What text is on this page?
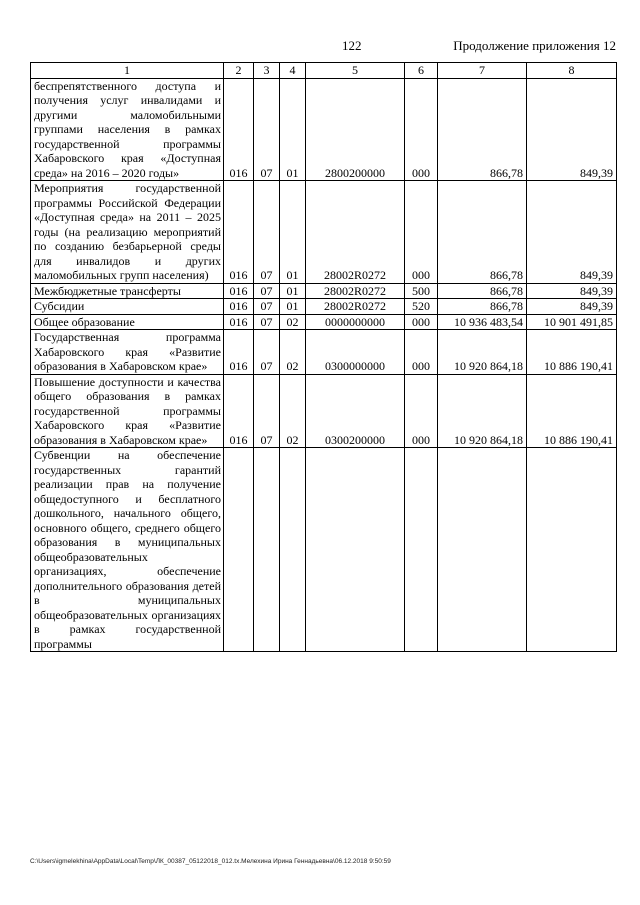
122	Продолжение приложения 12
1	2	3	4	5	6	7	8
беспрепятственного доступа и получения услуг инвалидами и другими маломобильными группами населения в рамках государственной программы Хабаровского края «Доступная среда» на 2016 – 2020 годы»	016	07	01	2800200000	000	866,78	849,39
Мероприятия государственной программы Российской Федерации «Доступная среда» на 2011 – 2025 годы (на реализацию мероприятий по созданию безбарьерной среды для инвалидов и других маломобильных групп населения)	016	07	01	28002R0272	000	866,78	849,39
Межбюджетные трансферты	016	07	01	28002R0272	500	866,78	849,39
Субсидии	016	07	01	28002R0272	520	866,78	849,39
Общее образование	016	07	02	0000000000	000	10 936 483,54	10 901 491,85
Государственная программа Хабаровского края «Развитие образования в Хабаровском крае»	016	07	02	0300000000	000	10 920 864,18	10 886 190,41
Повышение доступности и качества общего образования в рамках государственной программы Хабаровского края «Развитие образования в Хабаровском крае»	016	07	02	0300200000	000	10 920 864,18	10 886 190,41
Субвенции на обеспечение государственных гарантий реализации прав на получение общедоступного и бесплатного дошкольного, начального общего, основного общего, среднего общего образования в муниципальных общеобразовательных организациях, обеспечение дополнительного образования детей в муниципальных общеобразовательных организациях в рамках государственной программы							
C:\Users\igmelekhina\AppData\Local\Temp\ЛК_00387_05122018_012.tx.Мелехина Ирина Геннадьевна\06.12.2018 9:50:59
